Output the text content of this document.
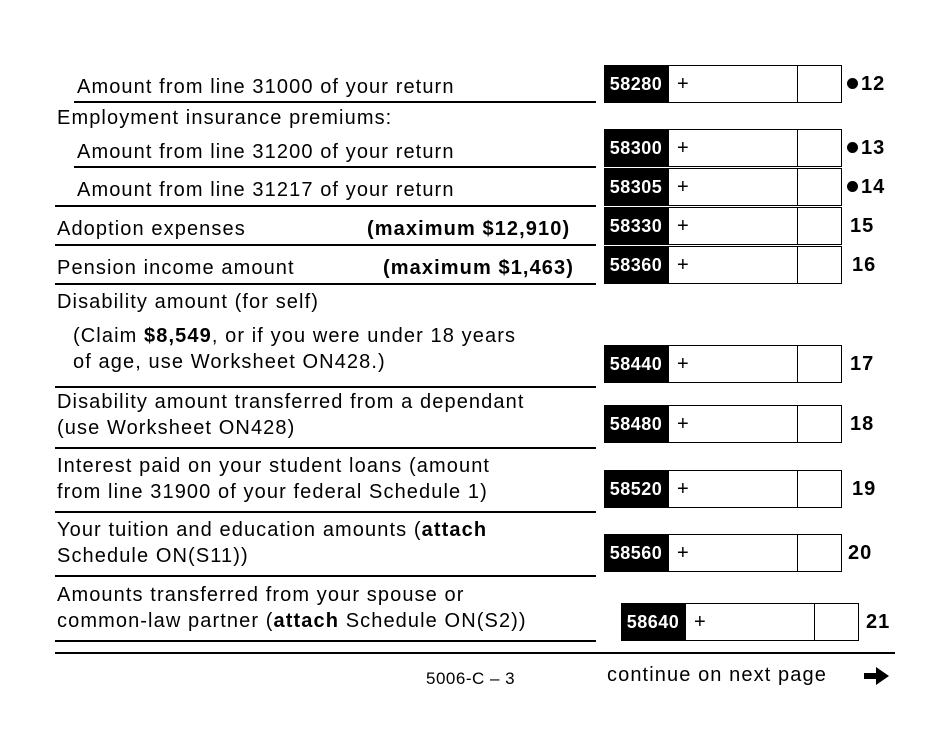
Amount from line 31000 of your return	58280 +	12
Employment insurance premiums:
Amount from line 31200 of your return	58300 +	13
Amount from line 31217 of your return	58305 +	14
Adoption expenses	(maximum $12,910)	58330 +	15
Pension income amount	(maximum $1,463)	58360 +	16
Disability amount (for self)
(Claim $8,549, or if you were under 18 years
of age, use Worksheet ON428.)	58440 +	17
Disability amount transferred from a dependant
(use Worksheet ON428)	58480 +	18
Interest paid on your student loans (amount
from line 31900 of your federal Schedule 1)	58520 +	19
Your tuition and education amounts (attach
Schedule ON(S11))	58560 +	20
Amounts transferred from your spouse or
common-law partner (attach Schedule ON(S2))	58640 +	21
5006-C – 3	continue on next page
